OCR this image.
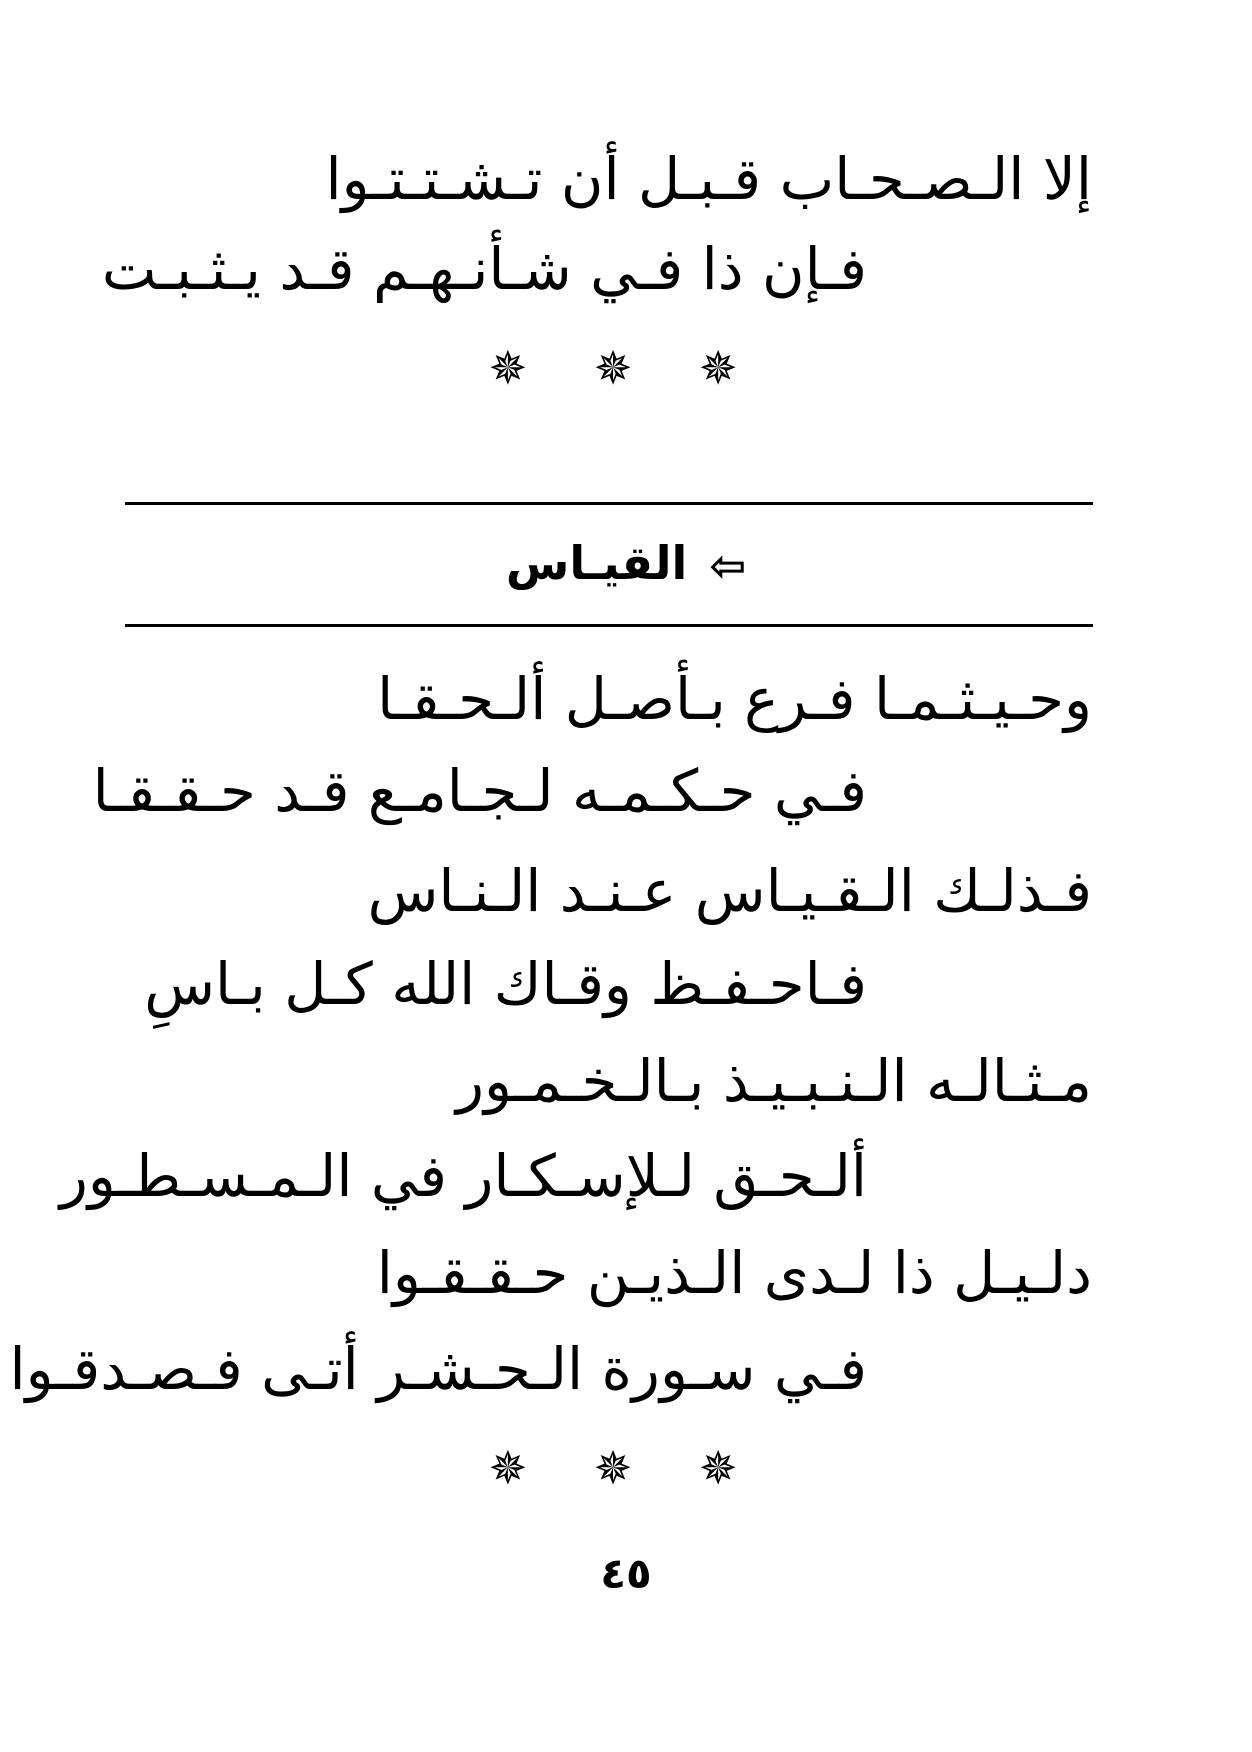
إلا الـصـحـاب قـبـل أن تـشـتـتـوا
فـإن ذا فـي شـأنـهـم قـد يـثـبـت
✵ ✵ ✵
⇦القيـاس
وحـيـثـمـا فـرع بـأصـل ألـحـقـا
فـي حـكـمـه لـجـامـع قـد حـقـقـا
فـذلـك الـقـيـاس عـنـد الـنـاس
فـاحـفـظ وقـاك الله كـل بـاسِ
مـثـالـه الـنـبـيـذ بـالـخـمـور
ألـحـق لـلإسـكـار في الـمـسـطـور
دلـيـل ذا لـدى الـذيـن حـقـقـوا
فـي سـورة الـحـشـر أتـى فـصـدقـوا
✵ ✵ ✵
٤٥
